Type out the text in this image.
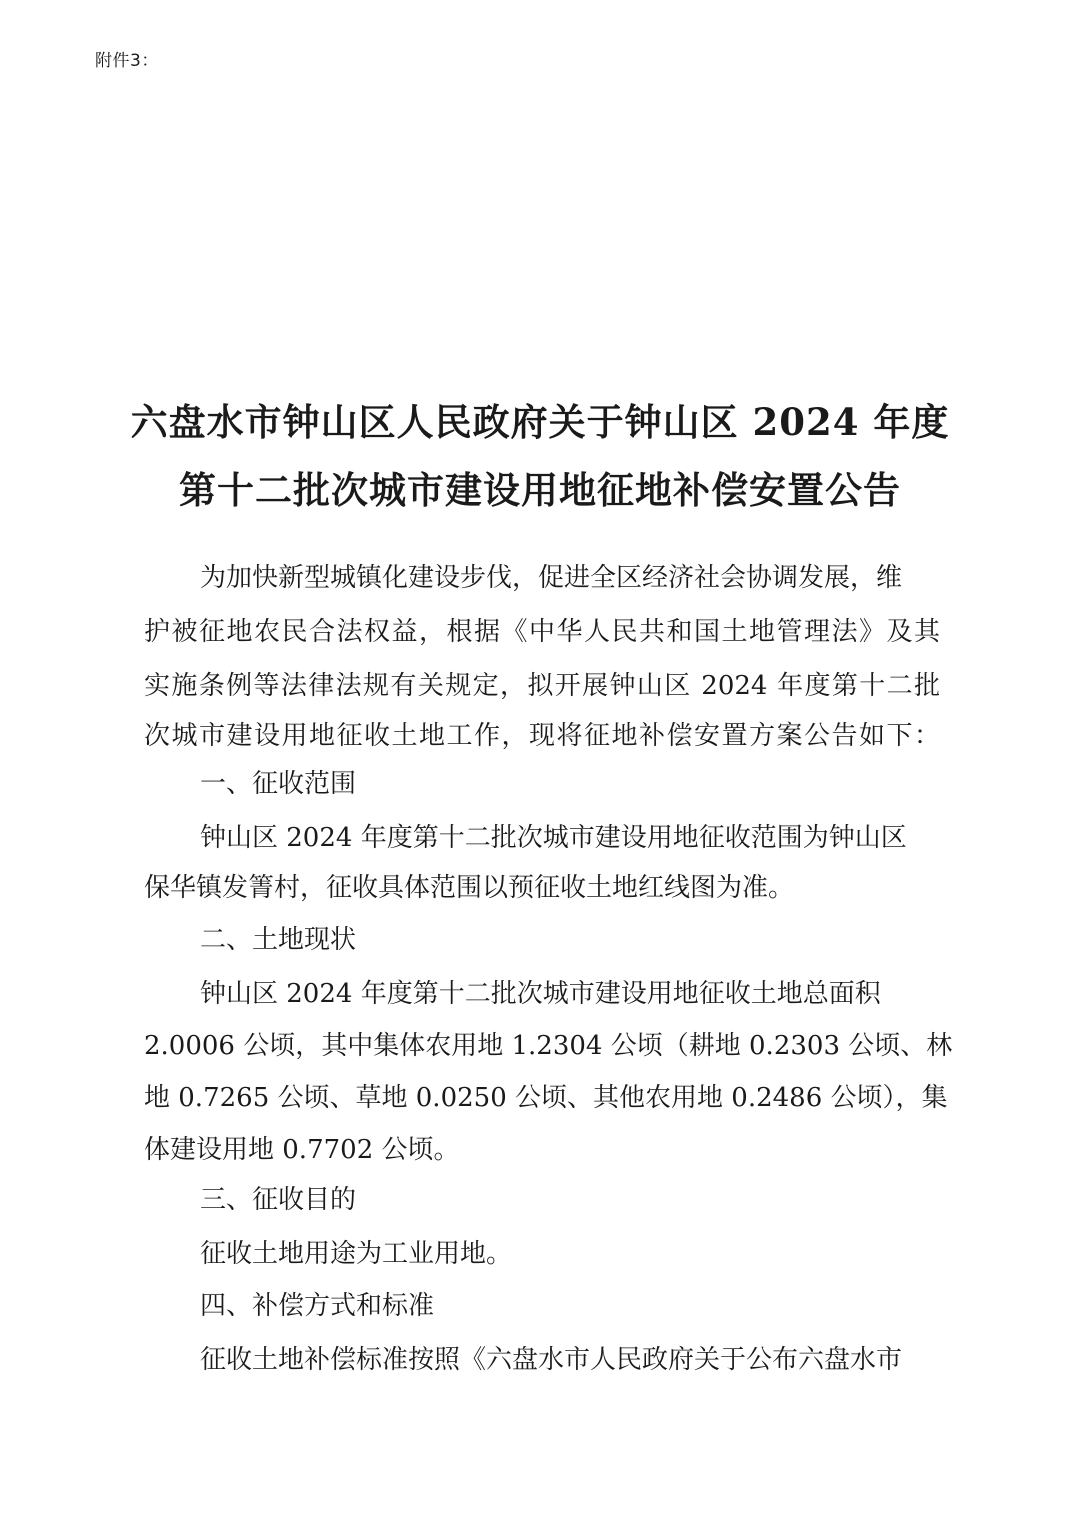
附件3：
六盘水市钟山区人民政府关于钟山区 2024 年度
第十二批次城市建设用地征地补偿安置公告
为加快新型城镇化建设步伐，促进全区经济社会协调发展，维
护被征地农民合法权益，根据《中华人民共和国土地管理法》及其
实施条例等法律法规有关规定，拟开展钟山区 2024 年度第十二批
次城市建设用地征收土地工作，现将征地补偿安置方案公告如下：
一、征收范围
钟山区 2024 年度第十二批次城市建设用地征收范围为钟山区
保华镇发箐村，征收具体范围以预征收土地红线图为准。
二、土地现状
钟山区 2024 年度第十二批次城市建设用地征收土地总面积
2.0006 公顷，其中集体农用地 1.2304 公顷（耕地 0.2303 公顷、林
地 0.7265 公顷、草地 0.0250 公顷、其他农用地 0.2486 公顷），集
体建设用地 0.7702 公顷。
三、征收目的
征收土地用途为工业用地。
四、补偿方式和标准
征收土地补偿标准按照《六盘水市人民政府关于公布六盘水市
